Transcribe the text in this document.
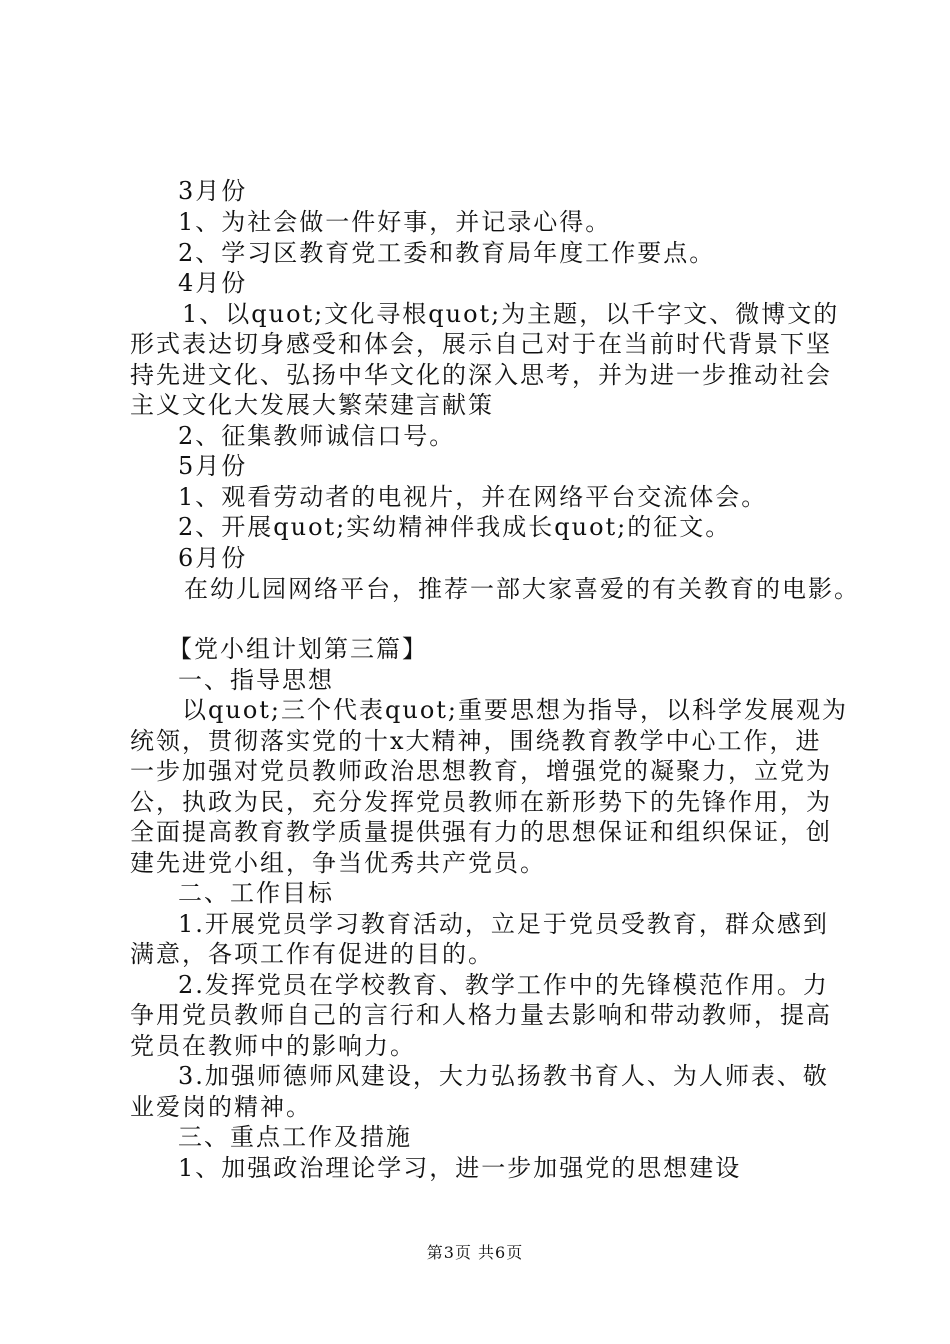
3月份
1、为社会做一件好事，并记录心得。
2、学习区教育党工委和教育局年度工作要点。
4月份
1、以quot;文化寻根quot;为主题，以千字文、微博文的
形式表达切身感受和体会，展示自己对于在当前时代背景下坚
持先进文化、弘扬中华文化的深入思考，并为进一步推动社会
主义文化大发展大繁荣建言献策
2、征集教师诚信口号。
5月份
1、观看劳动者的电视片，并在网络平台交流体会。
2、开展quot;实幼精神伴我成长quot;的征文。
6月份
在幼儿园网络平台，推荐一部大家喜爱的有关教育的电影。
【党小组计划第三篇】
一、指导思想
以quot;三个代表quot;重要思想为指导，以科学发展观为
统领，贯彻落实党的十x大精神，围绕教育教学中心工作，进
一步加强对党员教师政治思想教育，增强党的凝聚力，立党为
公，执政为民，充分发挥党员教师在新形势下的先锋作用，为
全面提高教育教学质量提供强有力的思想保证和组织保证，创
建先进党小组，争当优秀共产党员。
二、工作目标
1.开展党员学习教育活动，立足于党员受教育，群众感到
满意，各项工作有促进的目的。
2.发挥党员在学校教育、教学工作中的先锋模范作用。力
争用党员教师自己的言行和人格力量去影响和带动教师，提高
党员在教师中的影响力。
3.加强师德师风建设，大力弘扬教书育人、为人师表、敬
业爱岗的精神。
三、重点工作及措施
1、加强政治理论学习，进一步加强党的思想建设
第3页 共6页
